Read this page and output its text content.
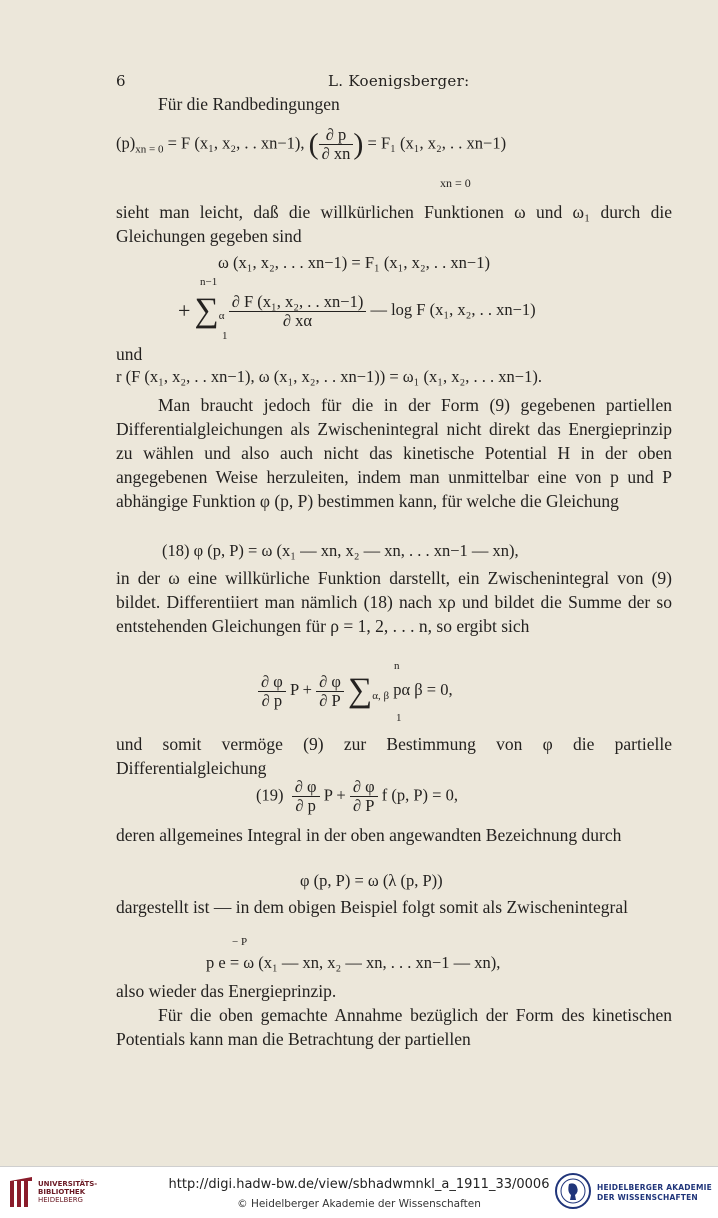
6	L. Koenigsberger:
Für die Randbedingungen
$(p)_{xn = 0} = F$ (x₁, x₂, . . xn−1), ( $\frac{\partial p}{\partial xn}$ ) = F₁ (x₁, x₂, . . xn−1)
xn = 0
sieht man leicht, daß die willkürlichen Funktionen ω und ω₁ durch die Gleichungen gegeben sind
ω (x₁, x₂, . . . xn−1) = F₁ (x₁, x₂, . . xn−1)
n−1
+ $\sum_\alpha \frac{\text{∂ F (x₁, x₂, . . xn−1)}}{\partial x\alpha}$ — log F (x₁, x₂, . . xn−1)
1
und
r (F (x₁, x₂, . . xn−1), ω (x₁, x₂, . . xn−1)) = ω₁ (x₁, x₂, . . . xn−1).
Man braucht jedoch für die in der Form (9) gegebenen partiellen Differentialgleichungen als Zwischenintegral nicht direkt das Energieprinzip zu wählen und also auch nicht das kinetische Potential H in der oben angegebenen Weise herzuleiten, indem man unmittelbar eine von p und P abhängige Funktion φ (p, P) bestimmen kann, für welche die Gleichung
(18) φ (p, P) = ω (x₁ — xn, x₂ — xn, . . . xn−1 — xn),
in der ω eine willkürliche Funktion darstellt, ein Zwischenintegral von (9) bildet. Differentiiert man nämlich (18) nach xρ und bildet die Summe der so entstehenden Gleichungen für ρ = 1, 2, . . . n, so ergibt sich
n
$\frac{\partial \varphi}{\partial p}$ $P + \frac{\partial \varphi}{\partial P} \sum_{\alpha, \beta}$ pα β = 0,
1
und somit vermöge (9) zur Bestimmung von φ die partielle Differentialgleichung
$(19) \frac{\partial \varphi}{\partial p}$ $P + \frac{\partial \varphi}{\partial P}$ f (p, P) = 0,
deren allgemeines Integral in der oben angewandten Bezeichnung durch
φ (p, P) = ω (λ (p, P))
dargestellt ist — in dem obigen Beispiel folgt somit als Zwischenintegral
− P
p e = ω (x₁ — xn, x₂ — xn, . . . xn−1 — xn),
also wieder das Energieprinzip.
Für die oben gemachte Annahme bezüglich der Form des kinetischen Potentials kann man die Betrachtung der partiellen
UNIVERSITÄTS-
BIBLIOTHEK
HEIDELBERG
http://digi.hadw-bw.de/view/sbhadwmnkl_a_1911_33/0006
© Heidelberger Akademie der Wissenschaften
HEIDELBERGER AKADEMIE
DER WISSENSCHAFTEN
